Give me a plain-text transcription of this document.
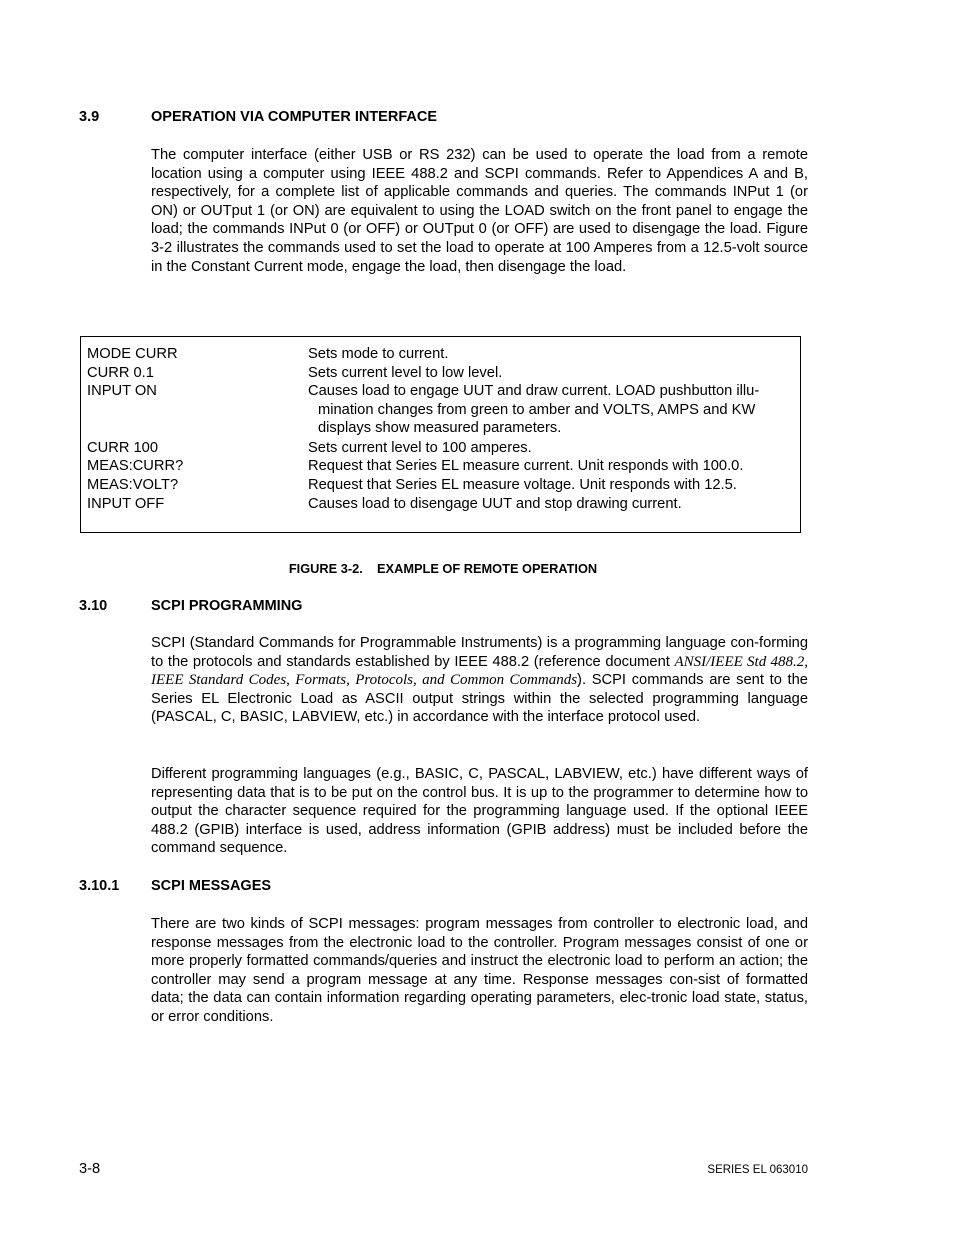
3.9	OPERATION VIA COMPUTER INTERFACE

The computer interface (either USB or RS 232) can be used to operate the load from a remote location using a computer using IEEE 488.2 and SCPI commands. Refer to Appendices A and B, respectively, for a complete list of applicable commands and queries. The commands INPut 1 (or ON) or OUTput 1 (or ON) are equivalent to using the LOAD switch on the front panel to engage the load; the commands INPut 0 (or OFF) or OUTput 0 (or OFF) are used to disengage the load. Figure 3-2 illustrates the commands used to set the load to operate at 100 Amperes from a 12.5-volt source in the Constant Current mode, engage the load, then disengage the load.

MODE CURR	Sets mode to current.
CURR 0.1	Sets current level to low level.
INPUT ON	Causes load to engage UUT and draw current. LOAD pushbutton illu-
mination changes from green to amber and VOLTS, AMPS and KW
displays show measured parameters.
CURR 100	Sets current level to 100 amperes.
MEAS:CURR?	Request that Series EL measure current. Unit responds with 100.0.
MEAS:VOLT?	Request that Series EL measure voltage. Unit responds with 12.5.
INPUT OFF	Causes load to disengage UUT and stop drawing current.
FIGURE 3-2.    EXAMPLE OF REMOTE OPERATION
3.10	SCPI PROGRAMMING

SCPI (Standard Commands for Programmable Instruments) is a programming language con-forming to the protocols and standards established by IEEE 488.2 (reference document ANSI/IEEE Std 488.2, IEEE Standard Codes, Formats, Protocols, and Common Commands). SCPI commands are sent to the Series EL Electronic Load as ASCII output strings within the selected programming language (PASCAL, C, BASIC, LABVIEW, etc.) in accordance with the interface protocol used.

Different programming languages (e.g., BASIC, C, PASCAL, LABVIEW, etc.) have different ways of representing data that is to be put on the control bus. It is up to the programmer to determine how to output the character sequence required for the programming language used. If the optional IEEE 488.2 (GPIB) interface is used, address information (GPIB address) must be included before the command sequence.

3.10.1 SCPI MESSAGES

There are two kinds of SCPI messages: program messages from controller to electronic load, and response messages from the electronic load to the controller. Program messages consist of one or more properly formatted commands/queries and instruct the electronic load to perform an action; the controller may send a program message at any time. Response messages con-sist of formatted data; the data can contain information regarding operating parameters, elec-tronic load state, status, or error conditions.

3-8	SERIES EL 063010
